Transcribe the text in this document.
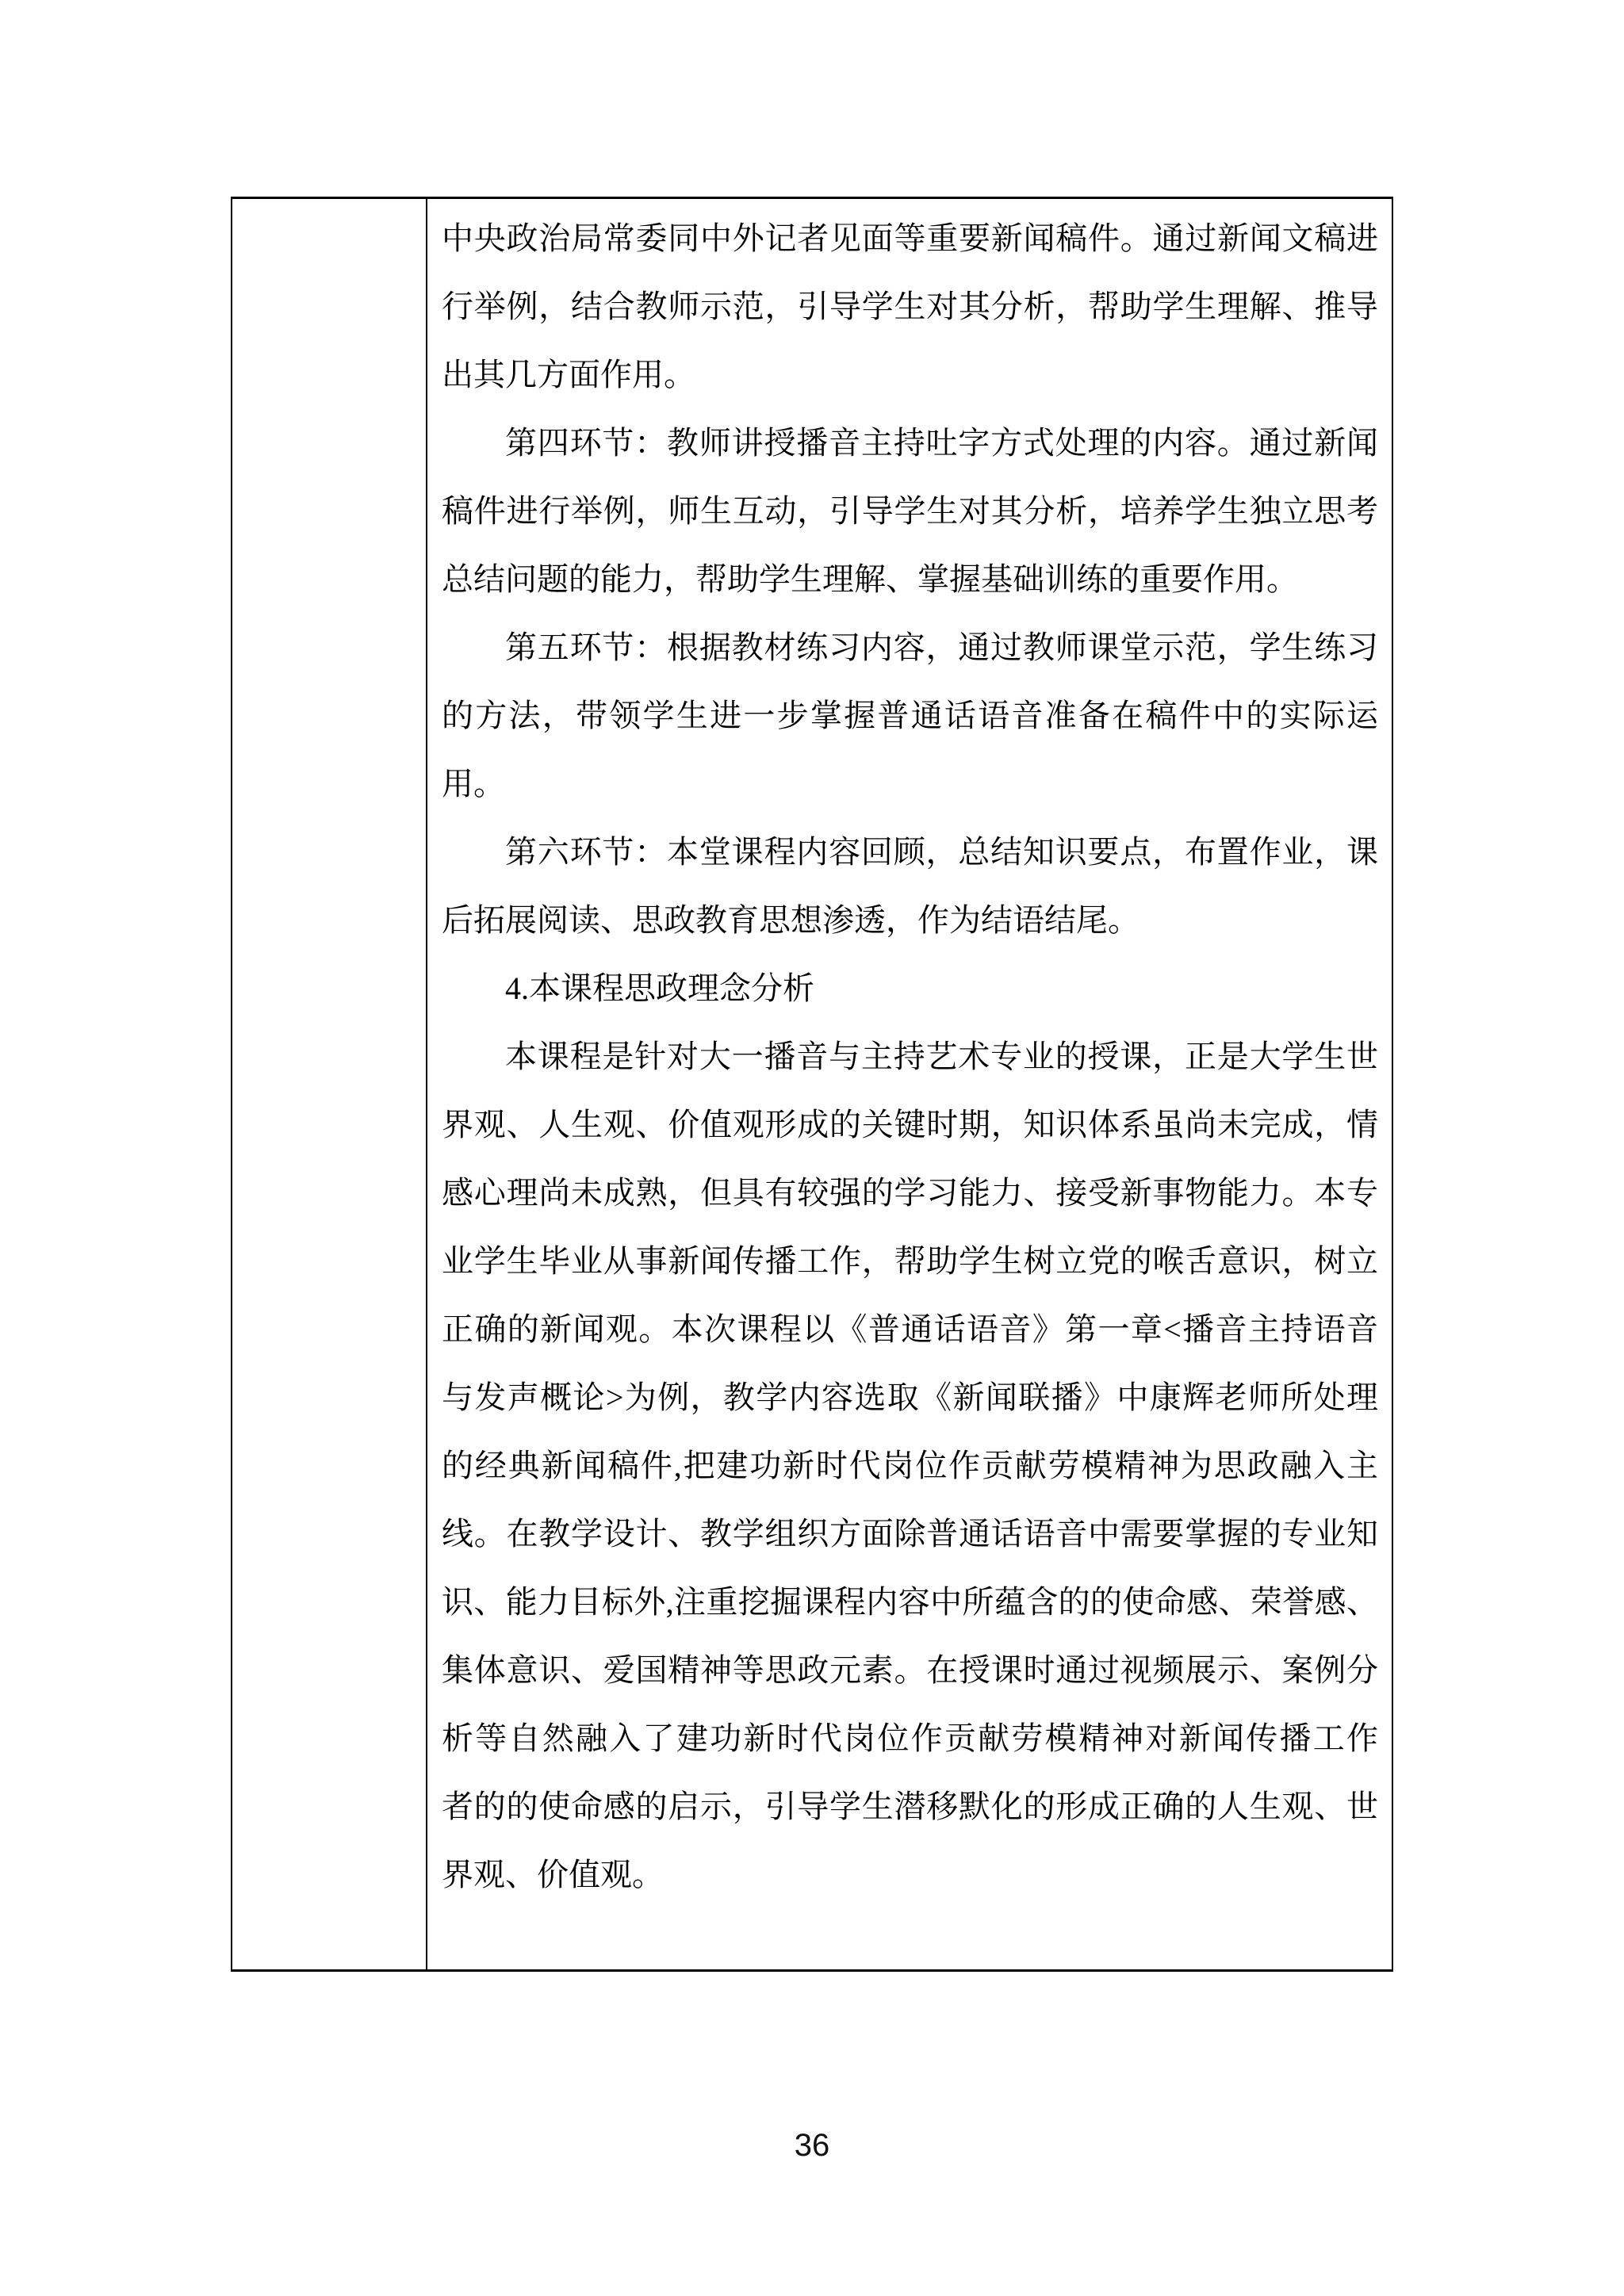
中央政治局常委同中外记者见面等重要新闻稿件。通过新闻文稿进
行举例，结合教师示范，引导学生对其分析，帮助学生理解、推导
出其几方面作用。
第四环节：教师讲授播音主持吐字方式处理的内容。通过新闻
稿件进行举例，师生互动，引导学生对其分析，培养学生独立思考
总结问题的能力，帮助学生理解、掌握基础训练的重要作用。
第五环节：根据教材练习内容，通过教师课堂示范，学生练习
的方法，带领学生进一步掌握普通话语音准备在稿件中的实际运
用。
第六环节：本堂课程内容回顾，总结知识要点，布置作业，课
后拓展阅读、思政教育思想渗透，作为结语结尾。
4.本课程思政理念分析
本课程是针对大一播音与主持艺术专业的授课，正是大学生世
界观、人生观、价值观形成的关键时期，知识体系虽尚未完成，情
感心理尚未成熟，但具有较强的学习能力、接受新事物能力。本专
业学生毕业从事新闻传播工作，帮助学生树立党的喉舌意识，树立
正确的新闻观。本次课程以《普通话语音》第一章<播音主持语音
与发声概论>为例，教学内容选取《新闻联播》中康辉老师所处理
的经典新闻稿件,把建功新时代岗位作贡献劳模精神为思政融入主
线。在教学设计、教学组织方面除普通话语音中需要掌握的专业知
识、能力目标外,注重挖掘课程内容中所蕴含的的使命感、荣誉感、
集体意识、爱国精神等思政元素。在授课时通过视频展示、案例分
析等自然融入了建功新时代岗位作贡献劳模精神对新闻传播工作
者的的使命感的启示，引导学生潜移默化的形成正确的人生观、世
界观、价值观。
36
